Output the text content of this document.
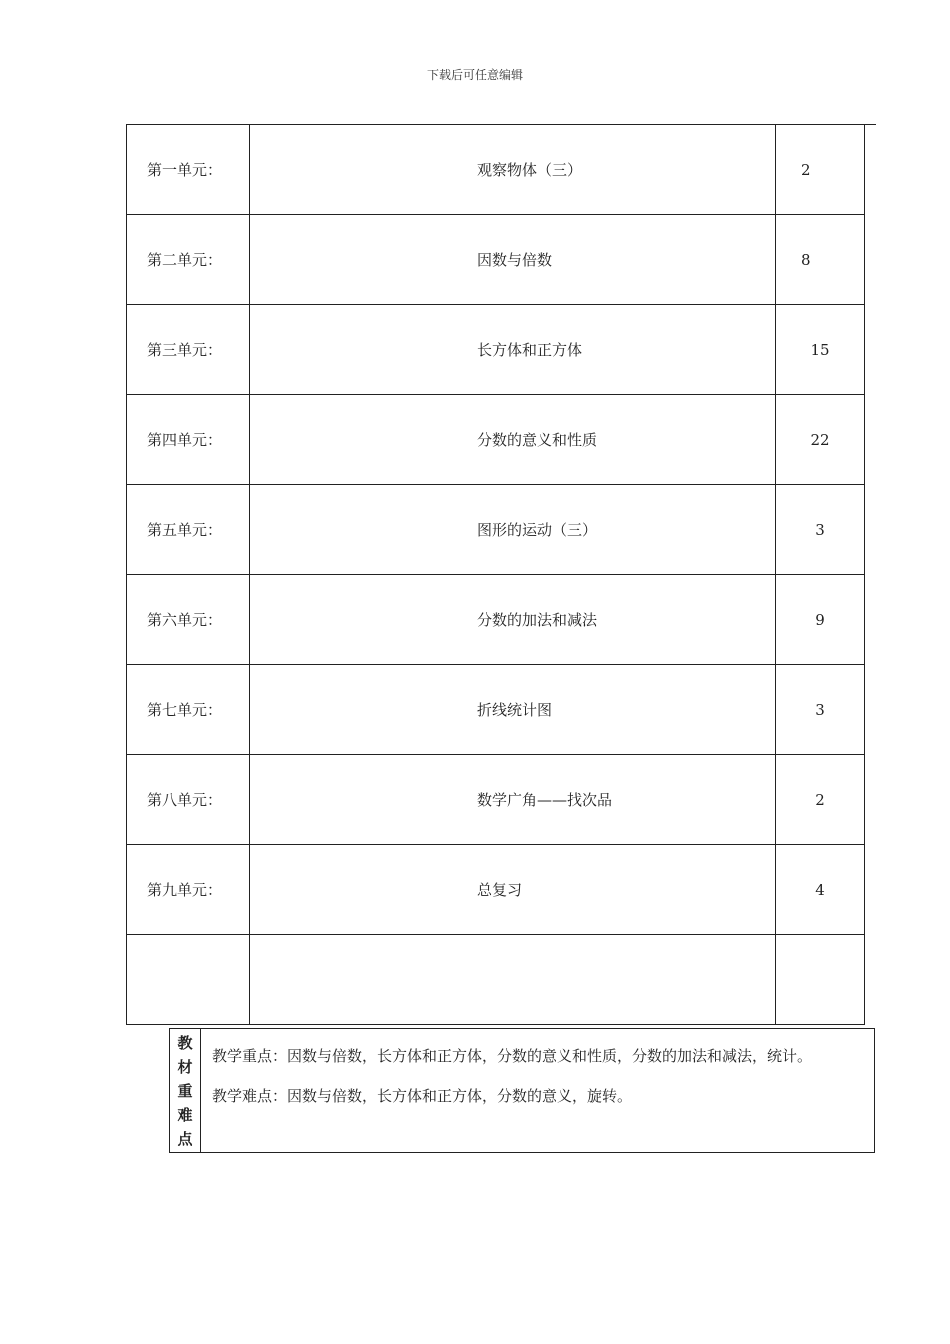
下载后可任意编辑
第一单元：	观察物体（三）	2
第二单元：	因数与倍数	8
第三单元：	长方体和正方体	15
第四单元：	分数的意义和性质	22
第五单元：	图形的运动（三）	3
第六单元：	分数的加法和减法	9
第七单元：	折线统计图	3
第八单元：	数学广角——找次品	2
第九单元：	总复习	4

教
材
重
难
点

教学重点：因数与倍数，长方体和正方体，分数的意义和性质，分数的加法和减法，统计。

教学难点：因数与倍数，长方体和正方体，分数的意义，旋转。
